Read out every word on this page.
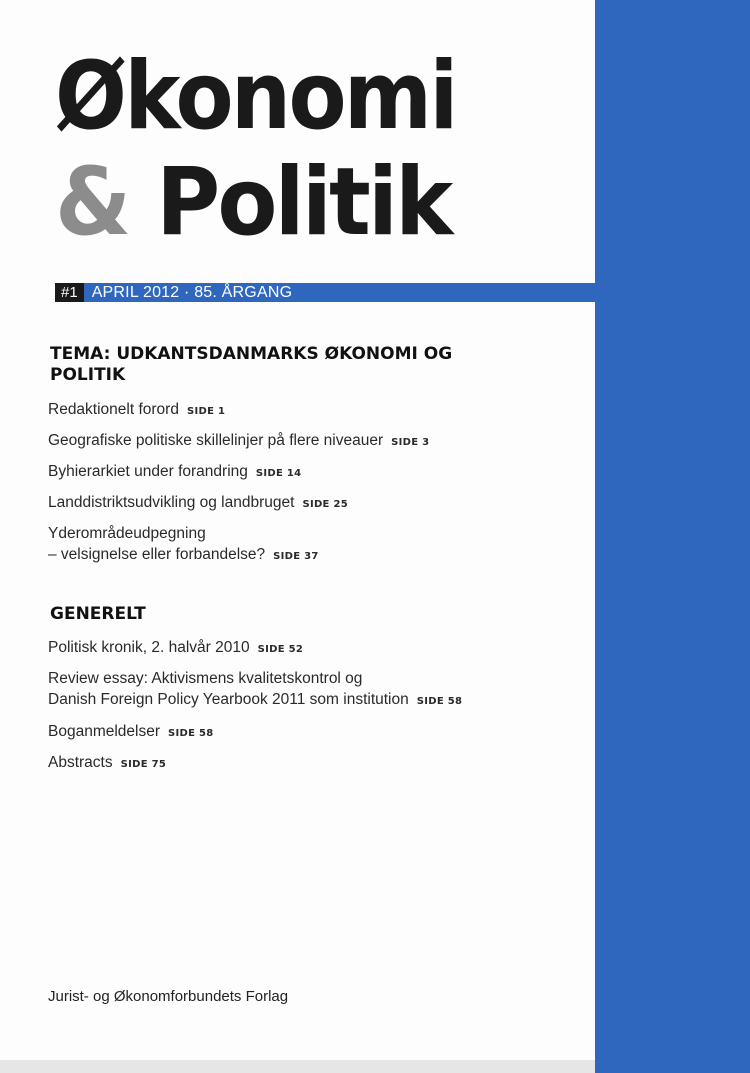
Økonomi
& Politik
#1 APRIL 2012 · 85. ÅRGANG
TEMA: UDKANTSDANMARKS ØKONOMI OG
POLITIK
Redaktionelt forord SIDE 1
Geografiske politiske skillelinjer på flere niveauer SIDE 3
Byhierarkiet under forandring SIDE 14
Landdistriktsudvikling og landbruget SIDE 25
Yderområdeudpegning
– velsignelse eller forbandelse? SIDE 37
GENERELT
Politisk kronik, 2. halvår 2010 SIDE 52
Review essay: Aktivismens kvalitetskontrol og
Danish Foreign Policy Yearbook 2011 som institution SIDE 58
Boganmeldelser SIDE 58
Abstracts SIDE 75
Jurist- og Økonomforbundets Forlag
